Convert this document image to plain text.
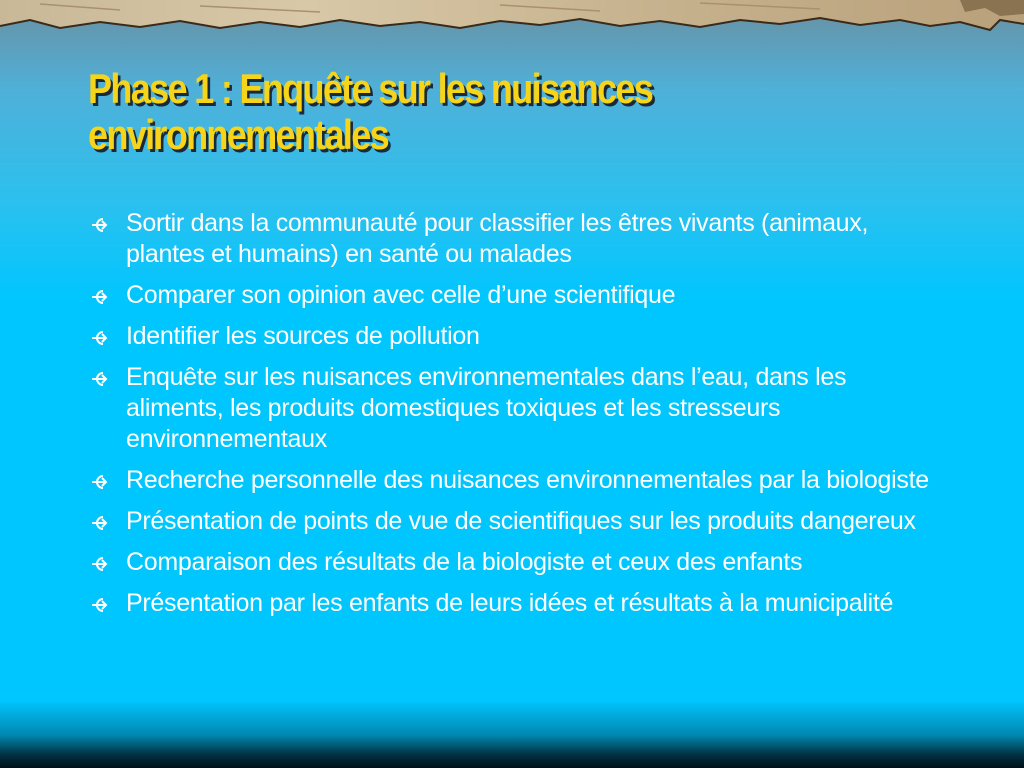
Phase 1 : Enquête sur les nuisances
environnementales
Sortir dans la communauté pour classifier les êtres vivants (animaux, plantes et humains) en santé ou malades
Comparer son opinion avec celle d’une scientifique
Identifier les sources de pollution
Enquête sur les nuisances environnementales dans l’eau, dans les aliments, les produits domestiques toxiques et les stresseurs environnementaux
Recherche personnelle des nuisances environnementales par la biologiste
Présentation de points de vue de scientifiques sur les produits dangereux
Comparaison des résultats de la biologiste et ceux des enfants
Présentation par les enfants de leurs idées et résultats à la municipalité
